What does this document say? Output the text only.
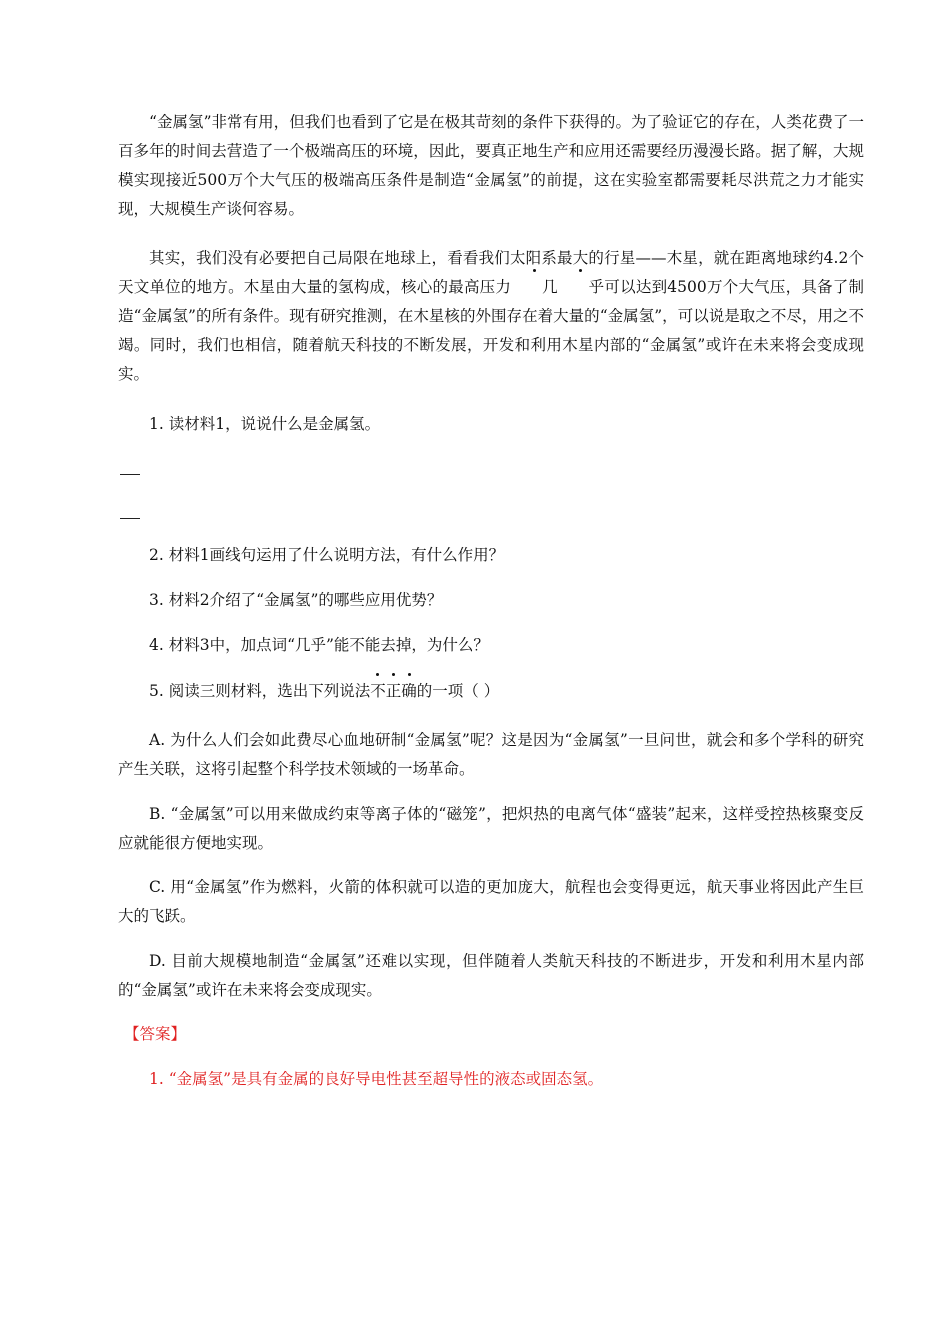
“金属氢”非常有用，但我们也看到了它是在极其苛刻的条件下获得的。为了验证它的存在，人类花费了一百多年的时间去营造了一个极端高压的环境，因此，要真正地生产和应用还需要经历漫漫长路。据了解，大规模实现接近500万个大气压的极端高压条件是制造“金属氢”的前提，这在实验室都需要耗尽洪荒之力才能实现，大规模生产谈何容易。

其实，我们没有必要把自己局限在地球上，看看我们太阳系最大的行星——木星，就在距离地球约4.2个天文单位的地方。木星由大量的氢构成，核心的最高压力 几 乎可以达到4500万个大气压，具备了制造“金属氢”的所有条件。现有研究推测，在木星核的外围存在着大量的“金属氢”，可以说是取之不尽，用之不竭。同时，我们也相信，随着航天科技的不断发展，开发和利用木星内部的“金属氢”或许在未来将会变成现实。

1. 读材料1，说说什么是金属氢。

2. 材料1画线句运用了什么说明方法，有什么作用？

3. 材料2介绍了“金属氢”的哪些应用优势？

4. 材料3中，加点词“几乎”能不能去掉，为什么？

5. 阅读三则材料，选出下列说法不正确的一项（ ）

A. 为什么人们会如此费尽心血地研制“金属氢”呢？这是因为“金属氢”一旦问世，就会和多个学科的研究产生关联，这将引起整个科学技术领域的一场革命。

B. “金属氢”可以用来做成约束等离子体的“磁笼”，把炽热的电离气体“盛装”起来，这样受控热核聚变反应就能很方便地实现。

C. 用“金属氢”作为燃料，火箭的体积就可以造的更加庞大，航程也会变得更远，航天事业将因此产生巨大的飞跃。

D. 目前大规模地制造“金属氢”还难以实现，但伴随着人类航天科技的不断进步，开发和利用木星内部的“金属氢”或许在未来将会变成现实。

【答案】

1. “金属氢”是具有金属的良好导电性甚至超导性的液态或固态氢。
